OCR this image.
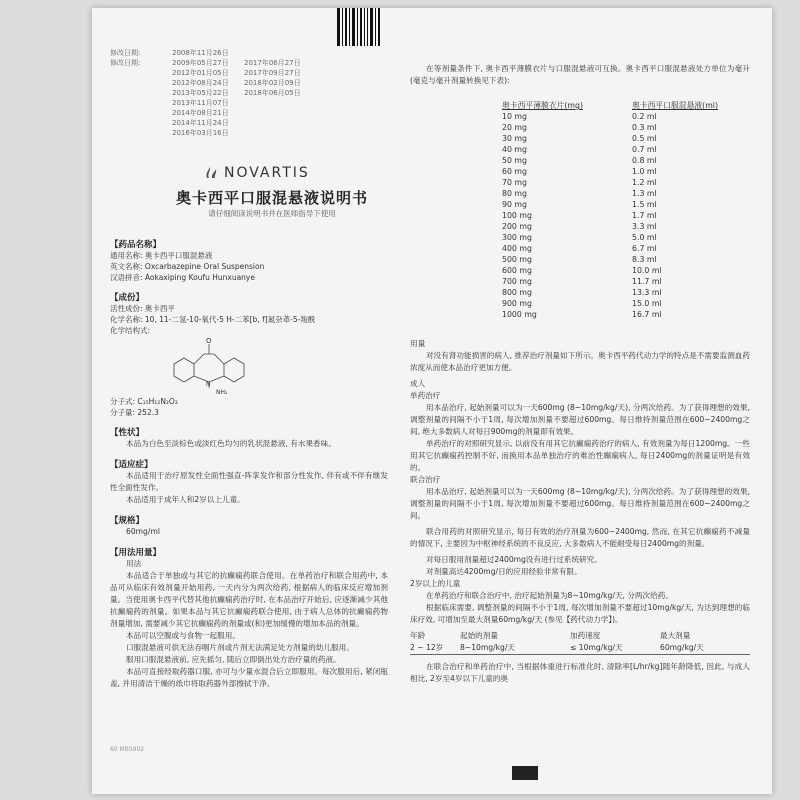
修改日期:	2008年11月26日
修改日期:	2009年05月27日 2017年06月27日
2012年01月05日 2017年09月27日
2012年08月24日 2018年02月09日
2013年05月22日 2018年06月05日
2013年11月07日
2014年08月21日
2014年11月24日
2016年03月16日
NOVARTIS
奥卡西平口服混悬液说明书
请仔细阅读说明书并在医师指导下使用
【药品名称】
通用名称: 奥卡西平口服混悬液
英文名称: Oxcarbazepine Oral Suspension
汉语拼音: Aokaxiping Koufu Hunxuanye
【成份】
活性成份: 奥卡西平
化学名称: 10, 11-二氢-10-氧代-5 H-二苯[b, f]氮杂䓬-5-羧酰
化学结构式:
O
N
NH₂
分子式: C₁₅H₁₂N₂O₂
分子量: 252.3
【性状】
本品为白色至淡棕色或淡红色均匀的乳状混悬液, 有水果香味。
【适应症】
本品适用于治疗原发性全面性强直-阵挛发作和部分性发作, 伴有或不伴有继发性全面性发作。
本品适用于成年人和2岁以上儿童。
【规格】
60mg/ml
【用法用量】
用法
本品适合于单独或与其它的抗癫痫药联合使用。在单药治疗和联合用药中, 本品可从临床有效剂量开始用药, 一天内分为两次给药, 根据病人的临床反应增加剂量。当使用奥卡西平代替其他抗癫痫药治疗时, 在本品治疗开始后, 应逐渐减少其他抗癫痫药的剂量。如果本品与其它抗癫痫药联合使用, 由于病人总体的抗癫痫药物剂量增加, 需要减少其它抗癫痫药的剂量或(和)更加缓慢的增加本品的剂量。
本品可以空腹或与食物一起服用。
口服混悬液可供无法吞咽片剂或片剂无法满足处方剂量的幼儿服用。
服用口服混悬液前, 应先摇匀, 随后立即倒出处方治疗量的药液。
本品可直接经取药器口服, 亦可与少量水混合后立即服用。每次服用后, 紧闭瓶盖, 并用清洁干燥的纸巾将取药器外部擦拭干净。
60 MB5902
在等剂量条件下, 奥卡西平薄膜衣片与口服混悬液可互换。奥卡西平口服混悬液处方单位为毫升(毫克与毫升剂量转换见下表):
奥卡西平薄膜衣片(mg)	奥卡西平口服混悬液(ml)
10 mg	0.2 ml
20 mg	0.3 ml
30 mg	0.5 ml
40 mg	0.7 ml
50 mg	0.8 ml
60 mg	1.0 ml
70 mg	1.2 ml
80 mg	1.3 ml
90 mg	1.5 ml
100 mg	1.7 ml
200 mg	3.3 ml
300 mg	5.0 ml
400 mg	6.7 ml
500 mg	8.3 ml
600 mg	10.0 ml
700 mg	11.7 ml
800 mg	13.3 ml
900 mg	15.0 ml
1000 mg	16.7 ml
用量
对没有肾功能损害的病人, 推荐治疗剂量如下所示。奥卡西平药代动力学的特点是不需要监测血药浓度从而使本品治疗更加方便。
成人
单药治疗
用本品治疗, 起始剂量可以为一天600mg (8~10mg/kg/天), 分两次给药。为了获得理想的效果, 调整剂量的间隔不小于1周, 每次增加剂量不要超过600mg。每日维持剂量范围在600~2400mg之间, 绝大多数病人对每日900mg的剂量即有效果。
单药治疗的对照研究显示, 以前没有用其它抗癫痫药治疗的病人, 有效剂量为每日1200mg。一些用其它抗癫痫药控制不好, 而换用本品单独治疗的难治性癫痫病人, 每日2400mg的剂量证明是有效的。
联合治疗
用本品治疗, 起始剂量可以为一天600mg (8~10mg/kg/天), 分两次给药。为了获得理想的效果, 调整剂量的间隔不小于1周, 每次增加剂量不要超过600mg。每日维持剂量范围在600~2400mg之间。
联合用药的对照研究显示, 每日有效的治疗剂量为600~2400mg, 然而, 在其它抗癫痫药不减量的情况下, 主要因为中枢神经系统的不良反应, 大多数病人不能耐受每日2400mg的剂量。
对每日服用剂量超过2400mg没有进行过系统研究。
对剂量高达4200mg/日的应用经验非常有限。
2岁以上的儿童
在单药治疗和联合治疗中, 治疗起始剂量为8~10mg/kg/天, 分两次给药。
根据临床需要, 调整剂量的间隔不小于1周, 每次增加剂量不要超过10mg/kg/天, 为达到理想的临床疗效, 可增加至最大剂量60mg/kg/天 (参见【药代动力学】)。
年龄	起始的剂量	加药速度	最大剂量
2 ~ 12岁	8~10mg/kg/天	≤ 10mg/kg/天	60mg/kg/天
在联合治疗和单药治疗中, 当根据体重进行标准化时, 清除率[L/hr/kg]随年龄降低, 因此, 与成人相比, 2岁至4岁以下儿童的奥
